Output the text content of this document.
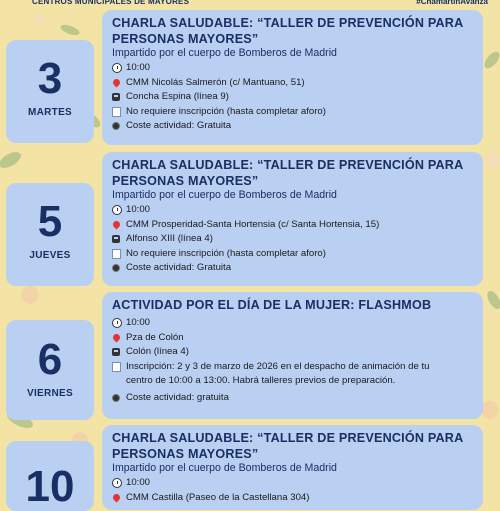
CENTROS MUNICIPALES DE MAYORES	#ChamartínAvanza
3
MARTES
CHARLA SALUDABLE: “TALLER DE PREVENCIÓN PARA
PERSONAS MAYORES”
Impartido por el cuerpo de Bomberos de Madrid
10:00
CMM Nicolás Salmerón (c/ Mantuano, 51)
Concha Espina (línea 9)
No requiere inscripción (hasta completar aforo)
Coste actividad: Gratuita
5
JUEVES
CHARLA SALUDABLE: “TALLER DE PREVENCIÓN PARA
PERSONAS MAYORES”
Impartido por el cuerpo de Bomberos de Madrid
10:00
CMM Prosperidad-Santa Hortensia (c/ Santa Hortensia, 15)
Alfonso XIII (línea 4)
No requiere inscripción (hasta completar aforo)
Coste actividad: Gratuita
6
VIERNES
ACTIVIDAD POR EL DÍA DE LA MUJER: FLASHMOB
10:00
Pza de Colón
Colón (línea 4)
Inscripción: 2 y 3 de marzo de 2026 en el despacho de animación de tu
centro de 10:00 a 13:00. Habrá talleres previos de preparación.
Coste actividad: gratuita
10
CHARLA SALUDABLE: “TALLER DE PREVENCIÓN PARA
PERSONAS MAYORES”
Impartido por el cuerpo de Bomberos de Madrid
10:00
CMM Castilla (Paseo de la Castellana 304)
